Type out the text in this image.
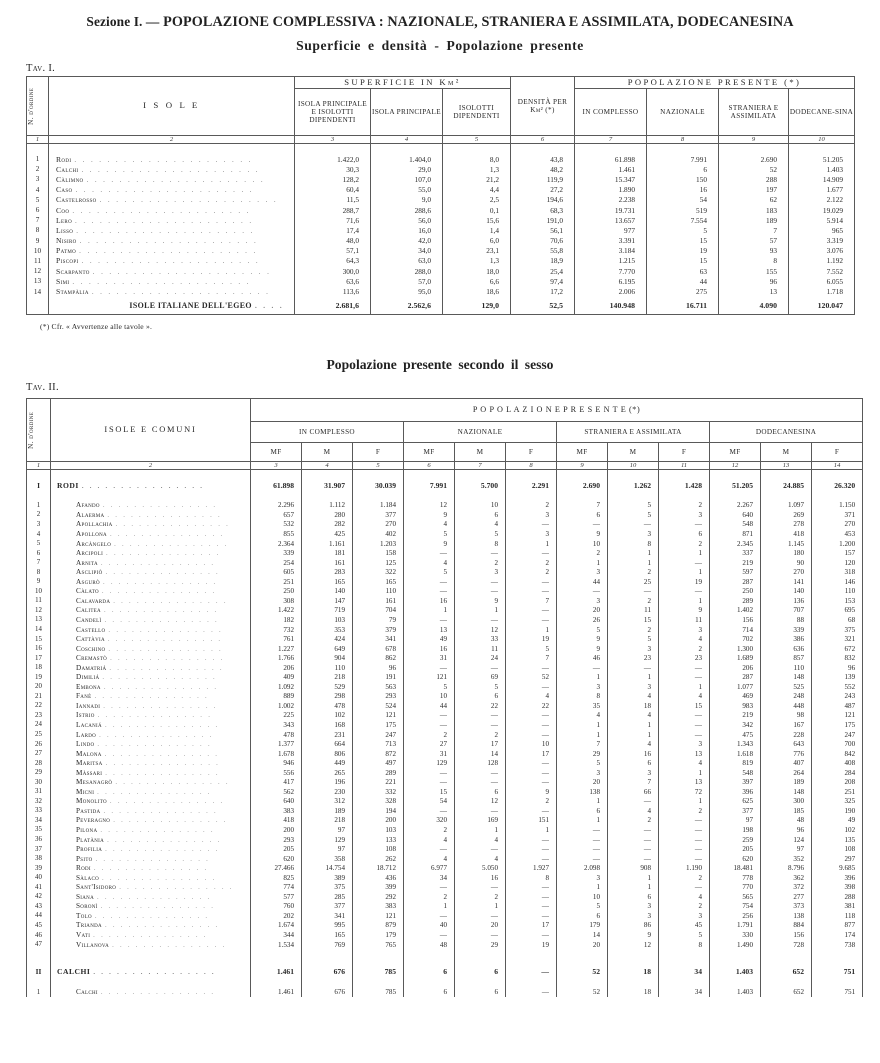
Sezione I. — POPOLAZIONE COMPLESSIVA : NAZIONALE, STRANIERA E ASSIMILATA, DODECANESINA
Superficie e densità - Popolazione presente
Tav. I.
N. d'ordine	I S O L E	SUPERFICIE IN Km²			DENSITÀ PER Km² (*)	POPOLAZIONE PRESENTE (*)			
		ISOLA PRINCIPALE E ISOLOTTI DIPENDENTI	ISOLA PRINCIPALE	ISOLOTTI DIPENDENTI		IN COMPLESSO	NAZIONALE	STRANIERA E ASSIMILATA	DODECANE-SINA
1	2	3	4	5	6	7	8	9	10

1	Rodi . . . . . . . . . . . . . . . . . . . . . .	1.422,0	1.404,0	8,0	43,8	61.898	7.991	2.690	51.205
2	Calchi . . . . . . . . . . . . . . . . . . . . . .	30,3	29,0	1,3	48,2	1.461	6	52	1.403
3	Càlimno . . . . . . . . . . . . . . . . . . . . . .	128,2	107,0	21,2	119,9	15.347	150	288	14.909
4	Caso . . . . . . . . . . . . . . . . . . . . . .	60,4	55,0	4,4	27,2	1.890	16	197	1.677
5	Castelrosso . . . . . . . . . . . . . . . . . . . . . .	11,5	9,0	2,5	194,6	2.238	54	62	2.122
6	Coo . . . . . . . . . . . . . . . . . . . . . .	288,7	288,6	0,1	68,3	19.731	519	183	19.029
7	Lero . . . . . . . . . . . . . . . . . . . . . .	71,6	56,0	15,6	191,0	13.657	7.554	189	5.914
8	Lisso . . . . . . . . . . . . . . . . . . . . . .	17,4	16,0	1,4	56,1	977	5	7	965
9	Nisiro . . . . . . . . . . . . . . . . . . . . . .	48,0	42,0	6,0	70,6	3.391	15	57	3.319
10	Patmo . . . . . . . . . . . . . . . . . . . . . .	57,1	34,0	23,1	55,8	3.184	19	93	3.076
11	Piscopi . . . . . . . . . . . . . . . . . . . . . .	64,3	63,0	1,3	18,9	1.215	15	8	1.192
12	Scarpanto . . . . . . . . . . . . . . . . . . . . . .	300,0	288,0	18,0	25,4	7.770	63	155	7.552
13	Simi . . . . . . . . . . . . . . . . . . . . . .	63,6	57,0	6,6	97,4	6.195	44	96	6.055
14	Stampàlia . . . . . . . . . . . . . . . . . . . . . .	113,6	95,0	18,6	17,2	2.006	275	13	1.718
	ISOLE ITALIANE DELL'EGEO . . . .	2.681,6	2.562,6	129,0	52,5	140.948	16.711	4.090	120.047
(*) Cfr. « Avvertenze alle tavole ».
Popolazione presente secondo il sesso
Tav. II.
N. d'ordine	ISOLE E COMUNI	P O P O L A Z I O N E P R E S E N T E (*)											
		IN COMPLESSO			NAZIONALE			STRANIERA E ASSIMILATA			DODECANESINA		
		MF	M	F	MF	M	F	MF	M	F	MF	M	F
1	2	3	4	5	6	7	8	9	10	11	12	13	14

I	RODI . . . . . . . . . . . . . . . .	61.898	31.907	30.039	7.991	5.700	2.291	2.690	1.262	1.428	51.205	24.885	26.320

1	Afando . . . . . . . . . . . . . . .	2.296	1.112	1.184	12	10	2	7	5	2	2.267	1.097	1.150
2	Alaerma . . . . . . . . . . . . . . .	657	280	377	9	6	3	6	5	3	640	269	371
3	Apollachia . . . . . . . . . . . . . . .	532	282	270	4	4	—	—	—	—	548	278	270
4	Apollona . . . . . . . . . . . . . . .	855	425	402	5	5	3	9	3	6	871	418	453
5	Arcàngelo . . . . . . . . . . . . . . .	2.364	1.161	1.203	9	8	1	10	8	2	2.345	1.145	1.200
6	Arcipoli . . . . . . . . . . . . . . .	339	181	158	—	—	—	2	1	1	337	180	157
7	Arnita . . . . . . . . . . . . . . .	254	161	125	4	2	2	1	1	—	219	90	120
8	Asclipiò . . . . . . . . . . . . . . .	605	283	322	5	3	2	3	2	1	597	270	318
9	Asgurò . . . . . . . . . . . . . . .	251	165	165	—	—	—	44	25	19	287	141	146
10	Càlato . . . . . . . . . . . . . . .	250	140	110	—	—	—	—	—	—	250	140	110
11	Calavarda . . . . . . . . . . . . . . .	308	147	161	16	9	7	3	2	1	289	136	153
12	Calitea . . . . . . . . . . . . . . .	1.422	719	704	1	1	—	20	11	9	1.402	707	695
13	Candelì . . . . . . . . . . . . . . .	182	103	79	—	—	—	26	15	11	156	88	68
14	Castello . . . . . . . . . . . . . . .	732	353	379	13	12	1	5	2	3	714	339	375
15	Cattàvia . . . . . . . . . . . . . . .	761	424	341	49	33	19	9	5	4	702	386	321
16	Coschino . . . . . . . . . . . . . . .	1.227	649	678	16	11	5	9	3	2	1.300	636	672
17	Cremastò . . . . . . . . . . . . . . .	1.766	904	862	31	24	7	46	23	23	1.689	857	832
18	Damatriá . . . . . . . . . . . . . . .	206	110	96	—	—	—	—	—	—	206	110	96
19	Dimiliá . . . . . . . . . . . . . . .	409	218	191	121	69	52	1	1	—	287	148	139
20	Embona . . . . . . . . . . . . . . .	1.092	529	563	5	5	—	3	3	1	1.077	525	552
21	Fanè . . . . . . . . . . . . . . .	889	298	293	10	6	4	8	4	4	469	248	243
22	Iannadi . . . . . . . . . . . . . . .	1.002	478	524	44	22	22	35	18	15	983	448	487
23	Istrio . . . . . . . . . . . . . . .	225	102	121	—	—	—	4	4	—	219	98	121
24	Lacaniá . . . . . . . . . . . . . . .	343	168	175	—	—	—	1	1	—	342	167	175
25	Lardo . . . . . . . . . . . . . . .	478	231	247	2	2	—	1	1	—	475	228	247
26	Lindo . . . . . . . . . . . . . . .	1.377	664	713	27	17	10	7	4	3	1.343	643	700
27	Malona . . . . . . . . . . . . . . .	1.678	806	872	31	14	17	29	16	13	1.618	776	842
28	Maritsa . . . . . . . . . . . . . . .	946	449	497	129	128	—	5	6	4	819	407	408
29	Màssari . . . . . . . . . . . . . . .	556	265	289	—	—	—	3	3	1	548	264	284
30	Mesanagrò . . . . . . . . . . . . . . .	417	196	221	—	—	—	20	7	13	397	189	208
31	Micni . . . . . . . . . . . . . . .	562	230	332	15	6	9	138	66	72	396	148	251
32	Monolito . . . . . . . . . . . . . . .	640	312	328	54	12	2	1	—	1	625	300	325
33	Pastida . . . . . . . . . . . . . . .	383	189	194	—	—	—	6	4	2	377	185	190
34	Peveragno . . . . . . . . . . . . . . .	418	218	200	320	169	151	1	2	—	97	48	49
35	Pilona . . . . . . . . . . . . . . .	200	97	103	2	1	1	—	—	—	198	96	102
36	Platània . . . . . . . . . . . . . . .	293	129	133	4	4	—	—	—	—	259	124	135
37	Profilia . . . . . . . . . . . . . . .	205	97	108	—	—	—	—	—	—	205	97	108
38	Psito . . . . . . . . . . . . . . .	620	358	262	4	4	—	—	—	—	620	352	297
39	Rodi . . . . . . . . . . . . . . .	27.466	14.754	18.712	6.977	5.050	1.927	2.098	908	1.190	18.481	8.796	9.685
40	Sàlaco . . . . . . . . . . . . . . .	825	389	436	34	16	8	3	1	2	778	362	396
41	Sant'Isidoro . . . . . . . . . . . . . . .	774	375	399	—	—	—	1	1	—	770	372	398
42	Siana . . . . . . . . . . . . . . .	577	285	292	2	2	—	10	6	4	565	277	288
43	Soronì . . . . . . . . . . . . . . .	760	377	383	1	1	—	5	3	2	754	373	381
44	Tolo . . . . . . . . . . . . . . .	202	341	121	—	—	—	6	3	3	256	138	118
45	Trianda . . . . . . . . . . . . . . .	1.674	995	879	40	20	17	179	86	45	1.791	884	877
46	Vati . . . . . . . . . . . . . . .	344	165	179	—	—	—	14	9	5	330	156	174
47	Villanova . . . . . . . . . . . . . . .	1.534	769	765	48	29	19	20	12	8	1.490	728	738

II	CALCHI . . . . . . . . . . . . . . . .	1.461	676	785	6	6	—	52	18	34	1.403	652	751

1	Calchi . . . . . . . . . . . . . . .	1.461	676	785	6	6	—	52	18	34	1.403	652	751
